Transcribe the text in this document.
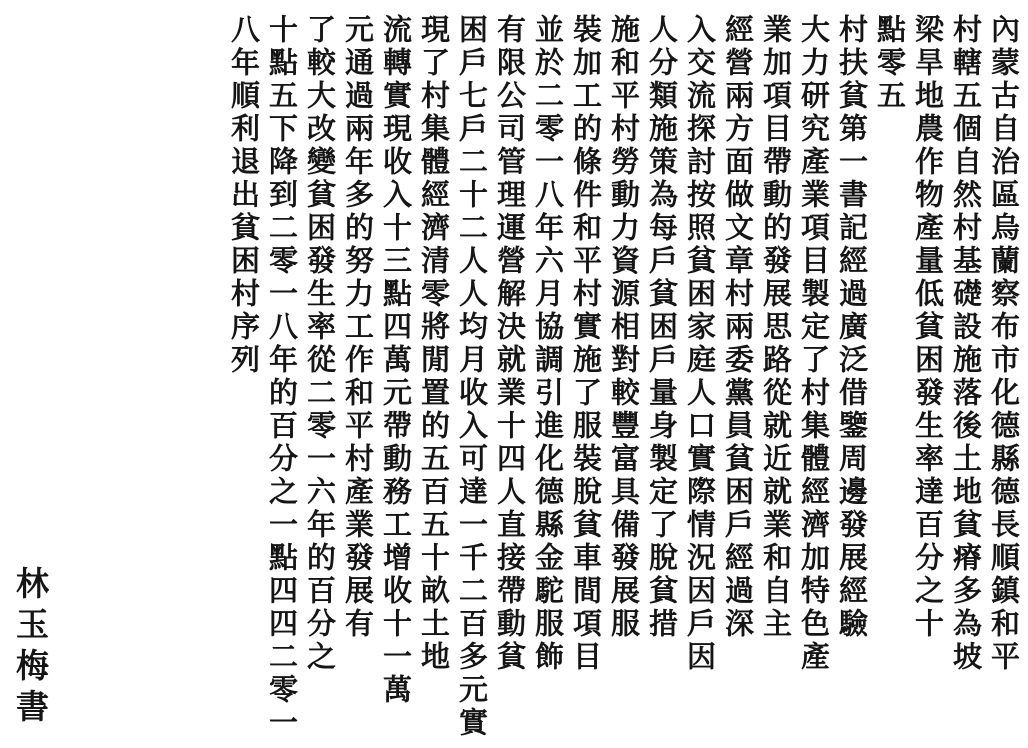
內蒙古自治區烏蘭察布市化德縣德長順鎮和平
村轄五個自然村基礎設施落後土地貧瘠多為坡
梁旱地農作物產量低貧困發生率達百分之十
點零五
村扶貧第一書記經過廣泛借鑒周邊發展經驗
大力研究產業項目製定了村集體經濟加特色產
業加項目帶動的發展思路從就近就業和自主
經營兩方面做文章村兩委黨員貧困戶經過深
入交流探討按照貧困家庭人口實際情況因戶因
人分類施策為每戶貧困戶量身製定了脫貧措
施和平村勞動力資源相對較豐富具備發展服
裝加工的條件和平村實施了服裝脫貧車間項目
並於二零一八年六月協調引進化德縣金駝服飾
有限公司管理運營解決就業十四人直接帶動貧
困戶七戶二十二人人均月收入可達一千二百多元實
現了村集體經濟清零將閒置的五百五十畝土地
流轉實現收入十三點四萬元帶動務工增收十一萬
元通過兩年多的努力工作和平村產業發展有
了較大改變貧困發生率從二零一六年的百分之
十點五下降到二零一八年的百分之一點四四二零一
八年順利退出貧困村序列
林玉梅書
